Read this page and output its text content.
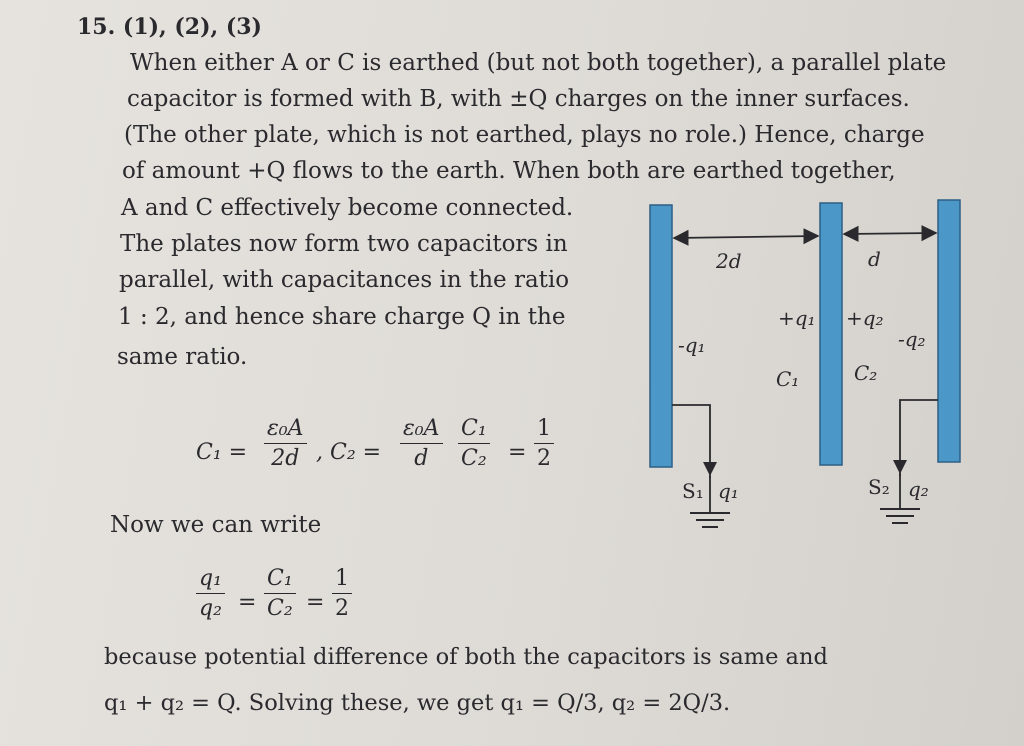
15. (1), (2), (3)
When either A or C is earthed (but not both together), a parallel plate
capacitor is formed with B, with ±Q charges on the inner surfaces.
(The other plate, which is not earthed, plays no role.) Hence, charge
of amount +Q flows to the earth. When both are earthed together,
A and C effectively become connected.
The plates now form two capacitors in
parallel, with capacitances in the ratio
1 : 2, and hence share charge Q in the
same ratio.
$C_1 = \frac{\text{ε₀A}}{2d}$ , $C_2 = \frac{\text{ε₀A}}{d} \frac{\text{C₁}}{\text{C₂}} = \frac{1}{2}$
Now we can write
$\frac{\text{q₁}}{\text{q₂}} = \frac{\text{C₁}}{\text{C₂}} = \frac{1}{2}$
because potential difference of both the capacitors is same and
q₁ + q₂ = Q. Solving these, we get q₁ = Q/3, q₂ = 2Q/3.
2d	d
-q₁
+q₁ +q₂
-q₂
C₁	C₂
S₁ q₁	S₂ q₂
